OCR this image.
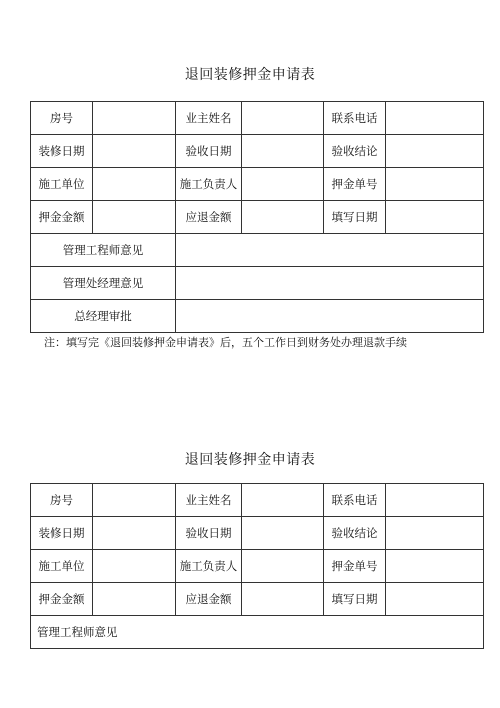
退回装修押金申请表
房号		业主姓名		联系电话	
装修日期		验收日期		验收结论	
施工单位		施工负责人		押金单号	
押金金额		应退金额		填写日期	
管理工程师意见					
管理处经理意见					
总经理审批					
注：填写完《退回装修押金申请表》后，五个工作日到财务处办理退款手续
退回装修押金申请表
房号		业主姓名		联系电话	
装修日期		验收日期		验收结论	
施工单位		施工负责人		押金单号	
押金金额		应退金额		填写日期	
管理工程师意见					
